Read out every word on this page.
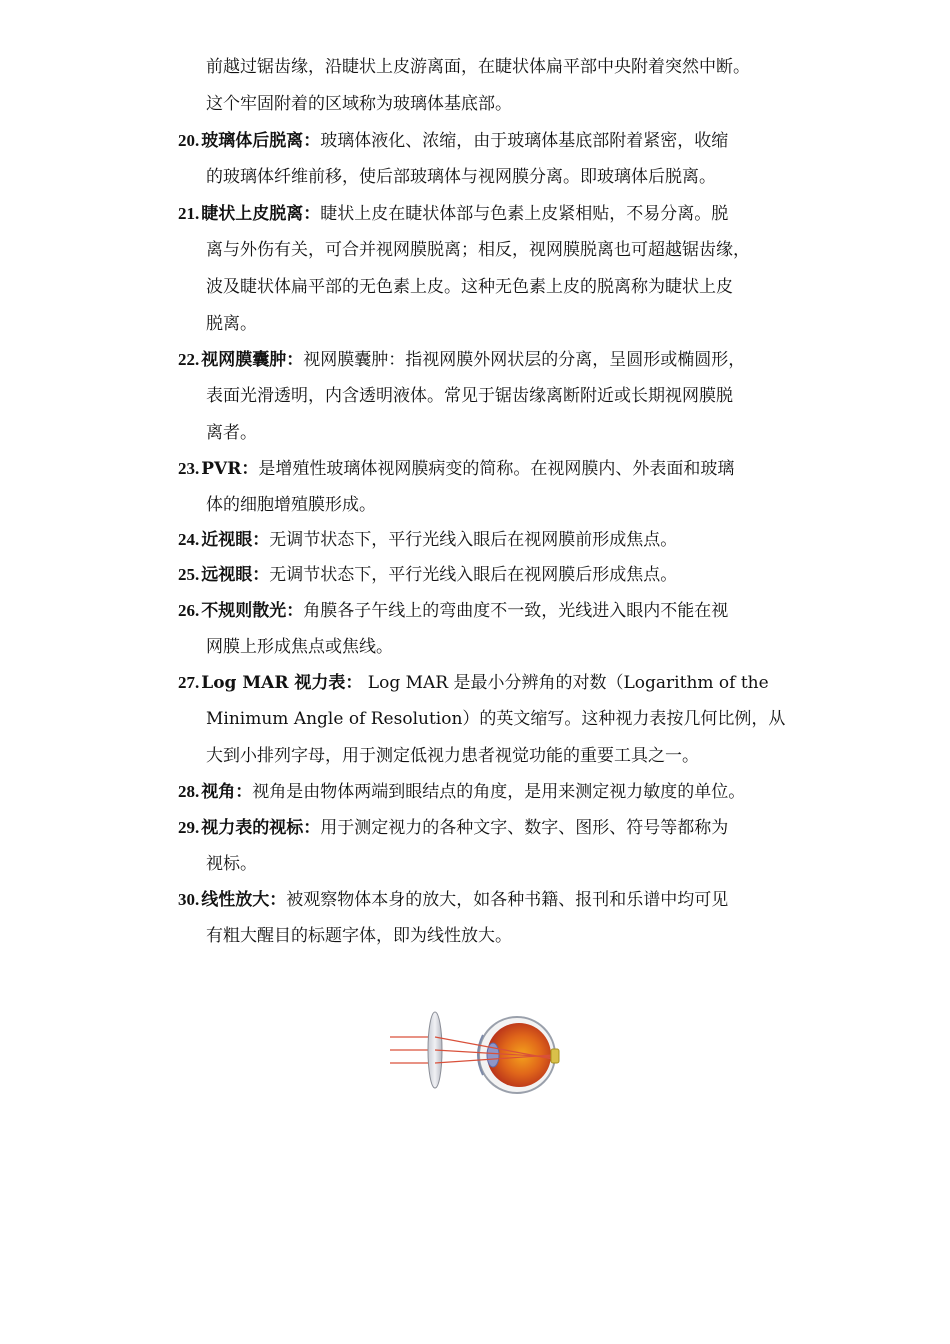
前越过锯齿缘，沿睫状上皮游离面，在睫状体扁平部中央附着突然中断。
这个牢固附着的区域称为玻璃体基底部。
20. 玻璃体后脱离：玻璃体液化、浓缩，由于玻璃体基底部附着紧密，收缩
的玻璃体纤维前移，使后部玻璃体与视网膜分离。即玻璃体后脱离。
21. 睫状上皮脱离：睫状上皮在睫状体部与色素上皮紧相贴，不易分离。脱
离与外伤有关，可合并视网膜脱离；相反，视网膜脱离也可超越锯齿缘，
波及睫状体扁平部的无色素上皮。这种无色素上皮的脱离称为睫状上皮
脱离。
22. 视网膜囊肿：视网膜囊肿：指视网膜外网状层的分离，呈圆形或椭圆形，
表面光滑透明，内含透明液体。常见于锯齿缘离断附近或长期视网膜脱
离者。
23. PVR：是增殖性玻璃体视网膜病变的简称。在视网膜内、外表面和玻璃
体的细胞增殖膜形成。
24. 近视眼：无调节状态下，平行光线入眼后在视网膜前形成焦点。
25. 远视眼：无调节状态下，平行光线入眼后在视网膜后形成焦点。
26. 不规则散光：角膜各子午线上的弯曲度不一致，光线进入眼内不能在视
网膜上形成焦点或焦线。
27. Log MAR 视力表： Log MAR 是最小分辨角的对数（Logarithm of the
Minimum Angle of Resolution）的英文缩写。这种视力表按几何比例，从
大到小排列字母，用于测定低视力患者视觉功能的重要工具之一。
28. 视角：视角是由物体两端到眼结点的角度，是用来测定视力敏度的单位。
29. 视力表的视标：用于测定视力的各种文字、数字、图形、符号等都称为
视标。
30. 线性放大：被观察物体本身的放大，如各种书籍、报刊和乐谱中均可见
有粗大醒目的标题字体，即为线性放大。
